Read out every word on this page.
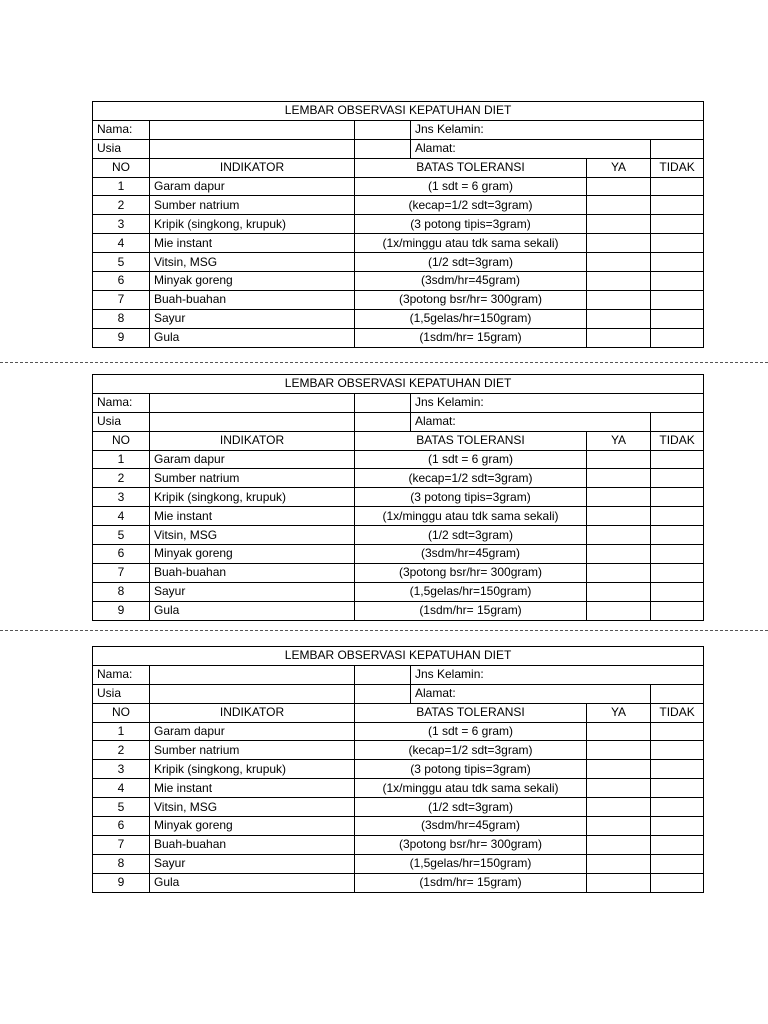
LEMBAR OBSERVASI KEPATUHAN DIET					
Nama:			Jns Kelamin:		
Usia			Alamat:		
NO	INDIKATOR	BATAS TOLERANSI		YA	TIDAK
1	Garam dapur	(1 sdt = 6 gram)			
2	Sumber natrium	(kecap=1/2 sdt=3gram)			
3	Kripik (singkong, krupuk)	(3 potong tipis=3gram)			
4	Mie instant	(1x/minggu atau tdk sama sekali)			
5	Vitsin, MSG	(1/2 sdt=3gram)			
6	Minyak goreng	(3sdm/hr=45gram)			
7	Buah-buahan	(3potong bsr/hr= 300gram)			
8	Sayur	(1,5gelas/hr=150gram)			
9	Gula	(1sdm/hr= 15gram)			
LEMBAR OBSERVASI KEPATUHAN DIET					
Nama:			Jns Kelamin:		
Usia			Alamat:		
NO	INDIKATOR	BATAS TOLERANSI		YA	TIDAK
1	Garam dapur	(1 sdt = 6 gram)			
2	Sumber natrium	(kecap=1/2 sdt=3gram)			
3	Kripik (singkong, krupuk)	(3 potong tipis=3gram)			
4	Mie instant	(1x/minggu atau tdk sama sekali)			
5	Vitsin, MSG	(1/2 sdt=3gram)			
6	Minyak goreng	(3sdm/hr=45gram)			
7	Buah-buahan	(3potong bsr/hr= 300gram)			
8	Sayur	(1,5gelas/hr=150gram)			
9	Gula	(1sdm/hr= 15gram)			
LEMBAR OBSERVASI KEPATUHAN DIET					
Nama:			Jns Kelamin:		
Usia			Alamat:		
NO	INDIKATOR	BATAS TOLERANSI		YA	TIDAK
1	Garam dapur	(1 sdt = 6 gram)			
2	Sumber natrium	(kecap=1/2 sdt=3gram)			
3	Kripik (singkong, krupuk)	(3 potong tipis=3gram)			
4	Mie instant	(1x/minggu atau tdk sama sekali)			
5	Vitsin, MSG	(1/2 sdt=3gram)			
6	Minyak goreng	(3sdm/hr=45gram)			
7	Buah-buahan	(3potong bsr/hr= 300gram)			
8	Sayur	(1,5gelas/hr=150gram)			
9	Gula	(1sdm/hr= 15gram)			
